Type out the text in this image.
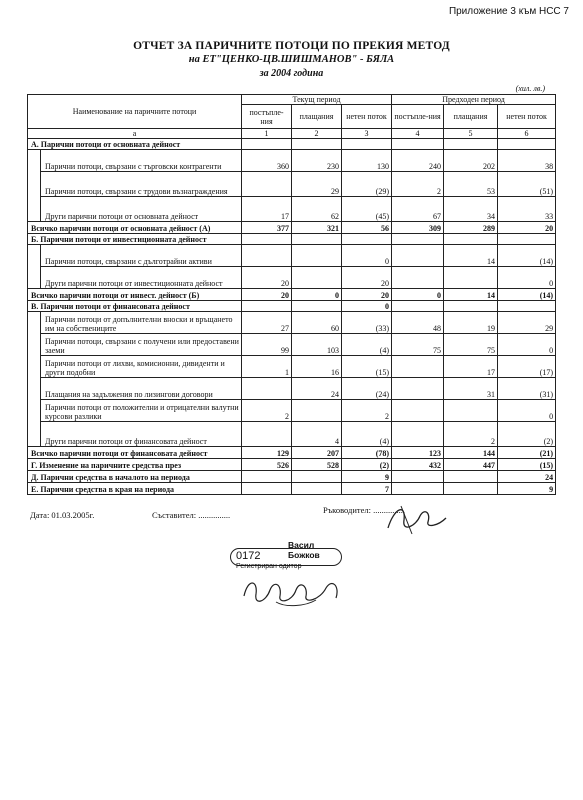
Приложение 3 към НСС 7
ОТЧЕТ ЗА ПАРИЧНИТЕ ПОТОЦИ ПО ПРЕКИЯ МЕТОД
на ЕТ"ЦЕНКО-ЦВ.ШИШМАНОВ" - БЯЛА
за 2004 година
(хил. лв.)
Наименование на паричните потоци		Текущ период			Предходен период		
		постъпле-ния	плащания	нетен поток	постъпле-ния	плащания	нетен поток
а		1	2	3	4	5	6
А. Парични потоци от основната дейност							
	Парични потоци, свързани с търговски контрагенти	360	230	130	240	202	38
	Парични потоци, свързани с трудови възнаграждения		29	(29)	2	53	(51)
	Други парични потоци от основната дейност	17	62	(45)	67	34	33
Всичко парични потоци от основната дейност (А)		377	321	56	309	289	20
Б. Парични потоци от инвестиционната дейност							
	Парични потоци, свързани с дълготрайни активи			0		14	(14)
	Други парични потоци от инвестиционната дейност	20		20			0
Всичко парични потоци от инвест. дейност (Б)		20	0	20	0	14	(14)
В. Парични потоци от финансовата дейност				0			
	Парични потоци от допълнителни вноски и връщането им на собствениците	27	60	(33)	48	19	29
	Парични потоци, свързани с получени или предоставени заеми	99	103	(4)	75	75	0
	Парични потоци от лихви, комисионни, дивиденти и други подобни	1	16	(15)		17	(17)
	Плащания на задължения по лизингови договори		24	(24)		31	(31)
	Парични потоци от положителни и отрицателни валутни курсови разлики	2		2			0
	Други парични потоци от финансовата дейност		4	(4)		2	(2)
Всичко парични потоци от финансовата дейност		129	207	(78)	123	144	(21)
Г. Изменение на паричните средства през		526	528	(2)	432	447	(15)
Д. Парични средства в началото на периода				9			24
Е. Парични средства в края на периода				7			9
Дата: 01.03.2005г.	Съставител: ...............	Ръководител: ...............
0172
Васил
Божков
Регистриран одитор
